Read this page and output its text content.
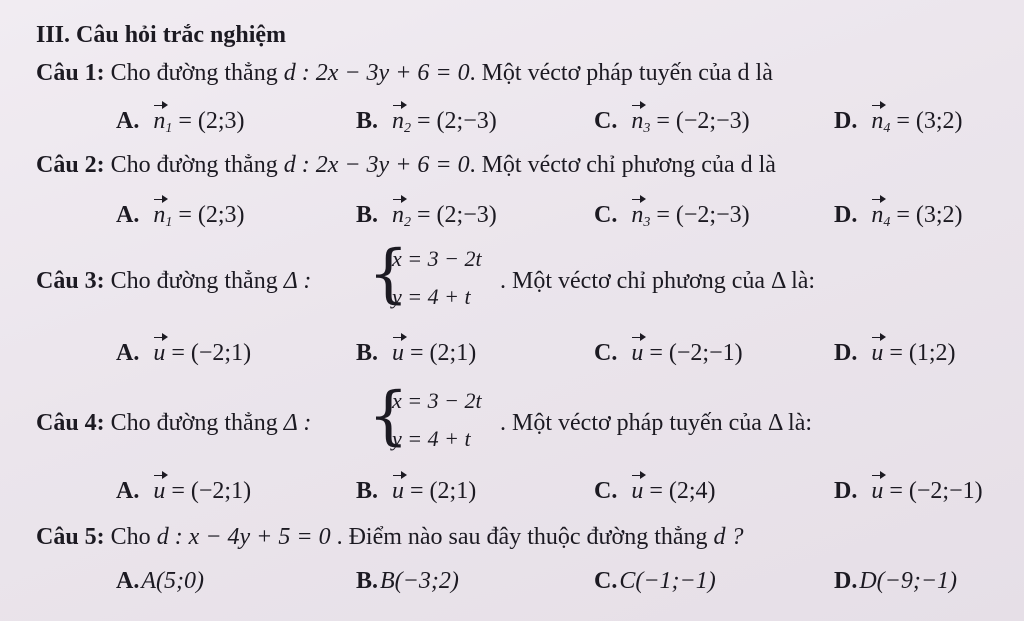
III. Câu hỏi trắc nghiệm
Câu 1: Cho đường thẳng d : 2x − 3y + 6 = 0. Một véctơ pháp tuyến của d là
A. $n_1$ = (2;3)	B. $n_2$ = (2;−3)	C. $n_3$ = (−2;−3)	D. $n_4$ = (3;2)
Câu 2: Cho đường thẳng d : 2x − 3y + 6 = 0. Một véctơ chỉ phương của d là
A. $n_1$ = (2;3)	B. $n_2$ = (2;−3)	C. $n_3$ = (−2;−3)	D. $n_4$ = (3;2)
Câu 3: Cho đường thẳng Δ : {
x = 3 − 2t
y = 4 + t
. Một véctơ chỉ phương của Δ là:
A. u = (−2;1)	B. u = (2;1)	C. u = (−2;−1)	D. u = (1;2)
Câu 4: Cho đường thẳng Δ : {
x = 3 − 2t
y = 4 + t
. Một véctơ pháp tuyến của Δ là:
A. u = (−2;1)	B. u = (2;1)	C. u = (2;4)	D. u = (−2;−1)
Câu 5: Cho d : x − 4y + 5 = 0 . Điểm nào sau đây thuộc đường thẳng d ?
A.A(5;0)	B.B(−3;2)	C.C(−1;−1)	D.D(−9;−1)
